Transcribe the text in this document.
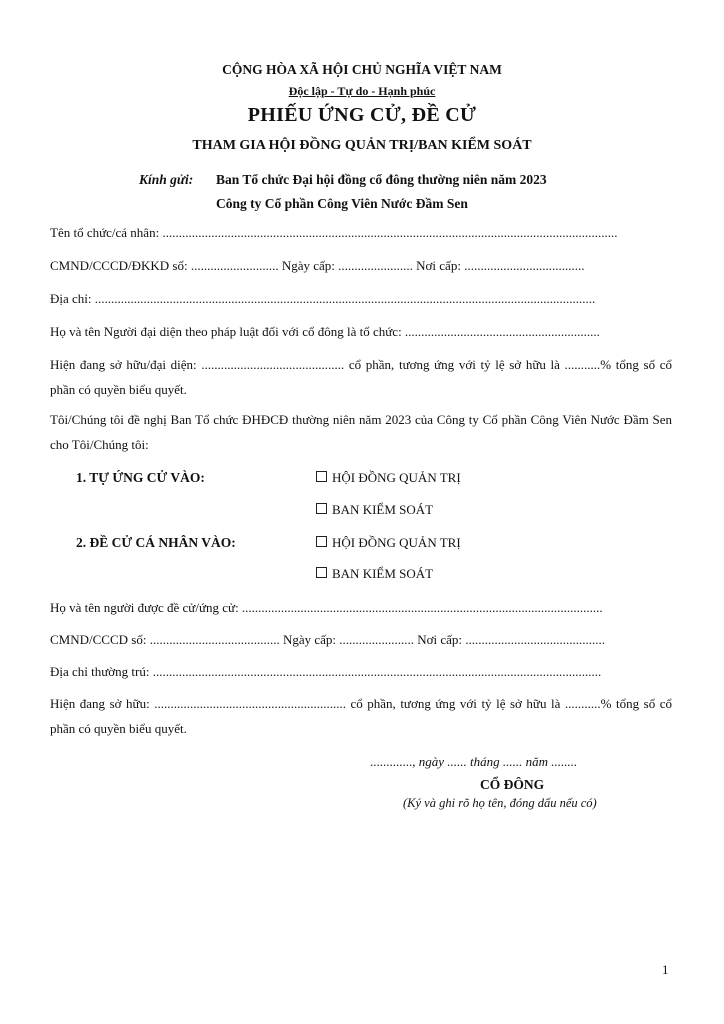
CỘNG HÒA XÃ HỘI CHỦ NGHĨA VIỆT NAM
Độc lập - Tự do - Hạnh phúc
PHIẾU ỨNG CỬ, ĐỀ CỬ
THAM GIA HỘI ĐỒNG QUẢN TRỊ/BAN KIỂM SOÁT
Kính gửi: Ban Tổ chức Đại hội đồng cổ đông thường niên năm 2023
Công ty Cổ phần Công Viên Nước Đầm Sen
Tên tổ chức/cá nhân: ............................................................................................................................................
CMND/CCCD/ĐKKD số: ........................... Ngày cấp: ....................... Nơi cấp: .....................................
Địa chỉ: ..........................................................................................................................................................
Họ và tên Người đại diện theo pháp luật đối với cổ đông là tổ chức: ............................................................
Hiện đang sở hữu/đại diện: ............................................ cổ phần, tương ứng với tỷ lệ sở hữu là ...........% tổng số cổ phần có quyền biểu quyết.
Tôi/Chúng tôi đề nghị Ban Tổ chức ĐHĐCĐ thường niên năm 2023 của Công ty Cổ phần Công Viên Nước Đầm Sen cho Tôi/Chúng tôi:
1. TỰ ỨNG CỬ VÀO:	HỘI ĐỒNG QUẢN TRỊ
BAN KIỂM SOÁT
2. ĐỀ CỬ CÁ NHÂN VÀO:	HỘI ĐỒNG QUẢN TRỊ
BAN KIỂM SOÁT
Họ và tên người được đề cử/ứng cử: ...............................................................................................................
CMND/CCCD số: ........................................ Ngày cấp: ....................... Nơi cấp: ...........................................
Địa chỉ thường trú: ..........................................................................................................................................
Hiện đang sở hữu: ........................................................... cổ phần, tương ứng với tỷ lệ sở hữu là ...........% tổng số cổ phần có quyền biểu quyết.
............., ngày ...... tháng ...... năm ........
CỔ ĐÔNG
(Ký và ghi rõ họ tên, đóng dấu nếu có)
1
